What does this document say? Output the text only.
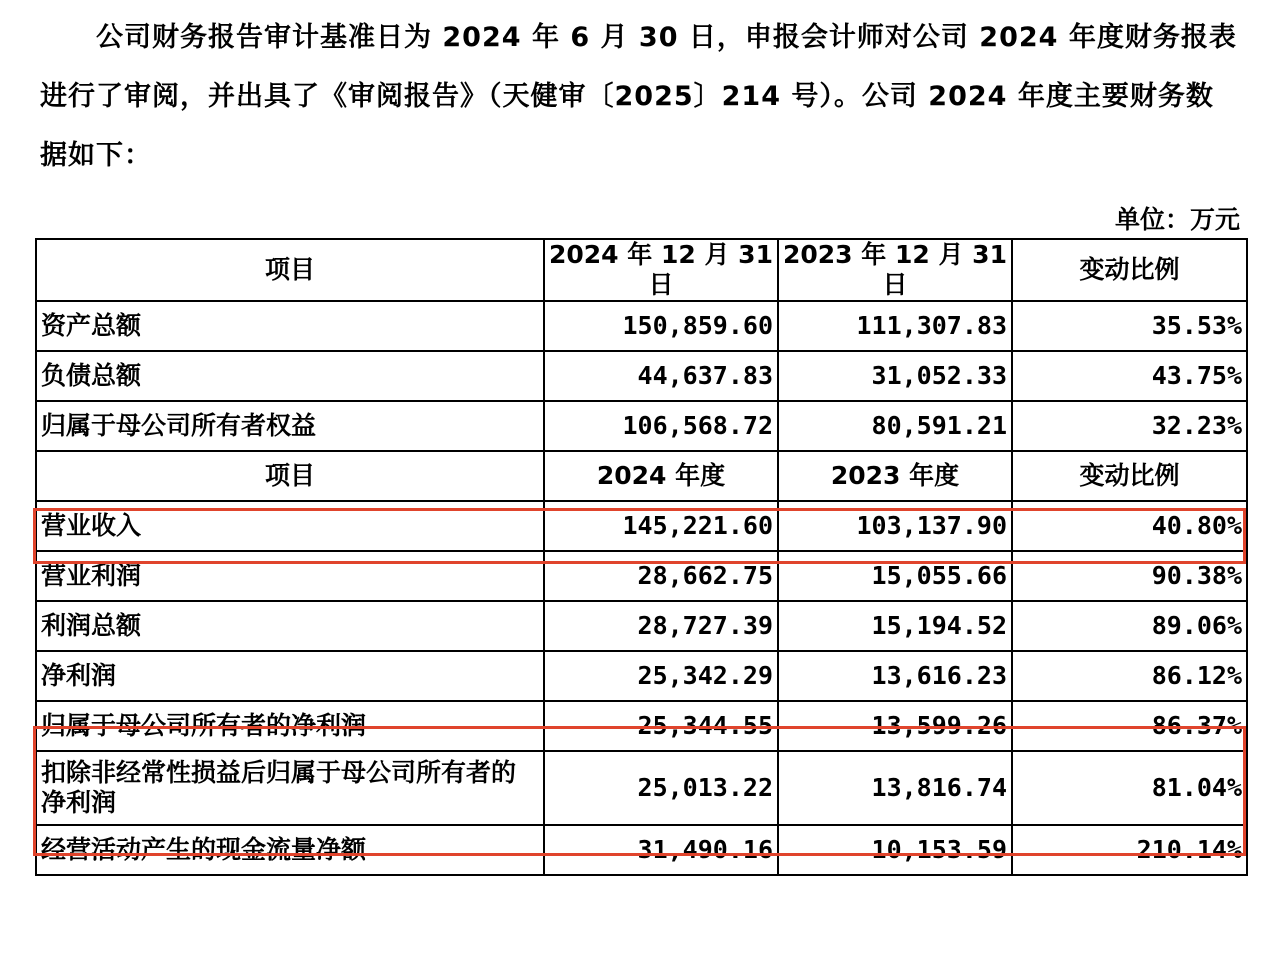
公司财务报告审计基准日为 2024 年 6 月 30 日，申报会计师对公司 2024 年度财务报表进行了审阅，并出具了《审阅报告》（天健审〔2025〕214 号）。公司 2024 年度主要财务数据如下：

单位：万元
项目	2024 年 12 月 31 日	2023 年 12 月 31 日	变动比例
资产总额	150,859.60	111,307.83	35.53%
负债总额	44,637.83	31,052.33	43.75%
归属于母公司所有者权益	106,568.72	80,591.21	32.23%
项目	2024 年度	2023 年度	变动比例
营业收入	145,221.60	103,137.90	40.80%
营业利润	28,662.75	15,055.66	90.38%
利润总额	28,727.39	15,194.52	89.06%
净利润	25,342.29	13,616.23	86.12%
归属于母公司所有者的净利润	25,344.55	13,599.26	86.37%
扣除非经常性损益后归属于母公司所有者的净利润	25,013.22	13,816.74	81.04%
经营活动产生的现金流量净额	31,490.16	10,153.59	210.14%
